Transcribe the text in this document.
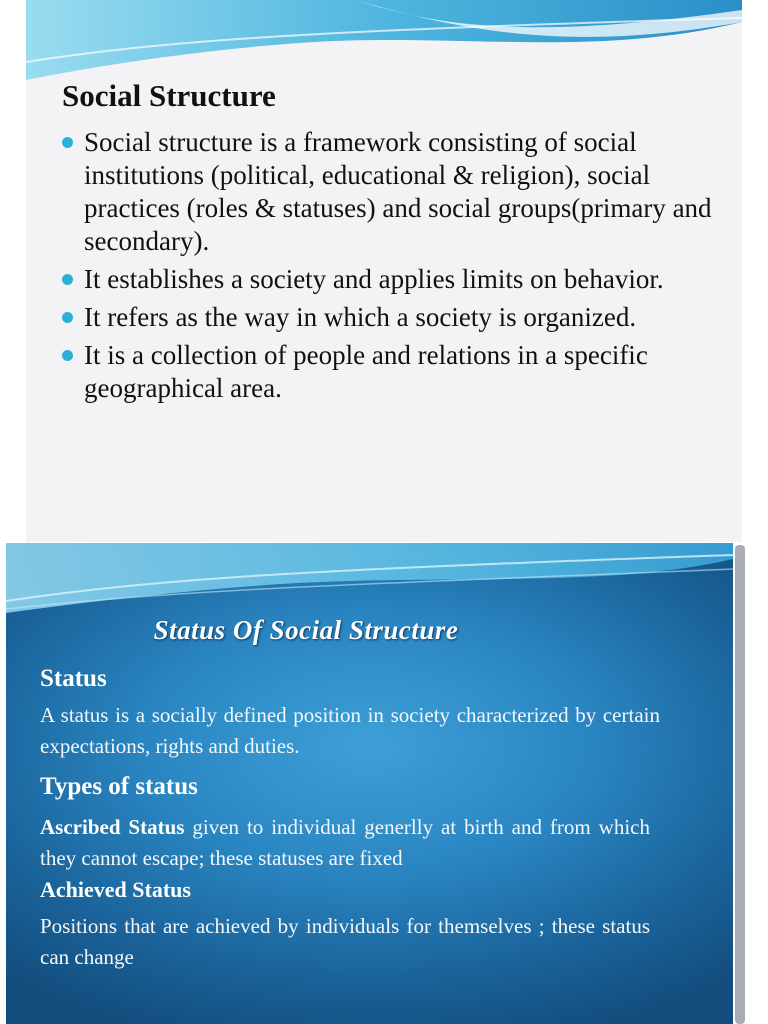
Social Structure
Social structure is a framework consisting of social institutions (political, educational & religion), social practices (roles & statuses) and social groups(primary and secondary).
It establishes a society and applies limits on behavior.
It refers as the way in which a society is organized.
It is a collection of people and relations in a specific geographical area.
Status Of Social Structure
Status

A status is a socially defined position in society characterized by certain expectations, rights and duties.

Types of status

Ascribed Status given to individual generlly at birth and from which they cannot escape; these statuses are fixed

Achieved Status

Positions that are achieved by individuals for themselves ; these status can change
